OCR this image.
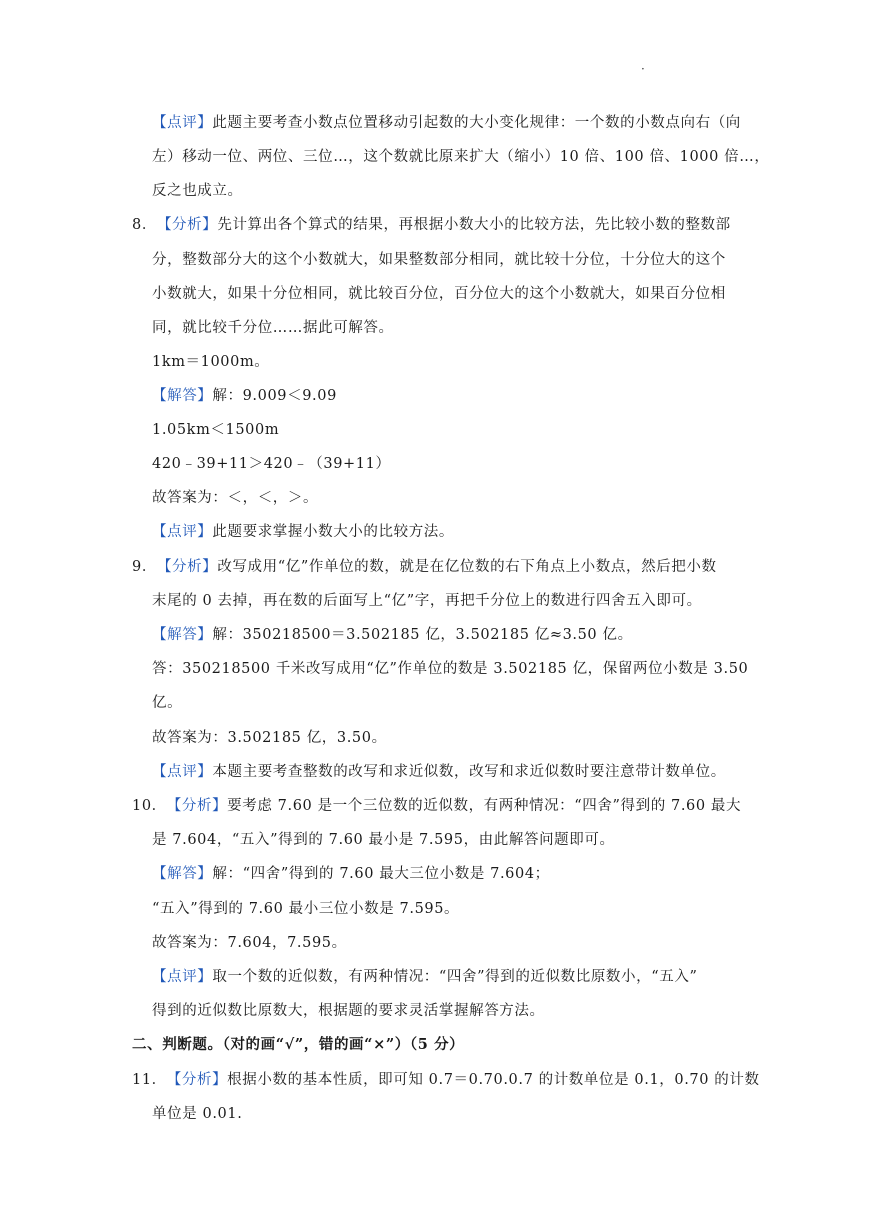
·
【点评】此题主要考查小数点位置移动引起数的大小变化规律：一个数的小数点向右（向
左）移动一位、两位、三位…，这个数就比原来扩大（缩小）10 倍、100 倍、1000 倍…，
反之也成立。
8．【分析】先计算出各个算式的结果，再根据小数大小的比较方法，先比较小数的整数部
分，整数部分大的这个小数就大，如果整数部分相同，就比较十分位，十分位大的这个
小数就大，如果十分位相同，就比较百分位，百分位大的这个小数就大，如果百分位相
同，就比较千分位……据此可解答。
1km＝1000m。
【解答】解：9.009＜9.09
1.05km＜1500m
420﹣39+11＞420﹣（39+11）
故答案为：＜，＜，＞。
【点评】此题要求掌握小数大小的比较方法。
9．【分析】改写成用“亿”作单位的数，就是在亿位数的右下角点上小数点，然后把小数
末尾的 0 去掉，再在数的后面写上“亿”字，再把千分位上的数进行四舍五入即可。
【解答】解：350218500＝3.502185 亿，3.502185 亿≈3.50 亿。
答：350218500 千米改写成用“亿”作单位的数是 3.502185 亿，保留两位小数是 3.50
亿。
故答案为：3.502185 亿，3.50。
【点评】本题主要考查整数的改写和求近似数，改写和求近似数时要注意带计数单位。
10．【分析】要考虑 7.60 是一个三位数的近似数，有两种情况：“四舍”得到的 7.60 最大
是 7.604，“五入”得到的 7.60 最小是 7.595，由此解答问题即可。
【解答】解：“四舍”得到的 7.60 最大三位小数是 7.604；
“五入”得到的 7.60 最小三位小数是 7.595。
故答案为：7.604，7.595。
【点评】取一个数的近似数，有两种情况：“四舍”得到的近似数比原数小，“五入”
得到的近似数比原数大，根据题的要求灵活掌握解答方法。
二、判断题。（对的画“√”，错的画“×”）（5 分）
11．【分析】根据小数的基本性质，即可知 0.7＝0.70.0.7 的计数单位是 0.1，0.70 的计数
单位是 0.01.
